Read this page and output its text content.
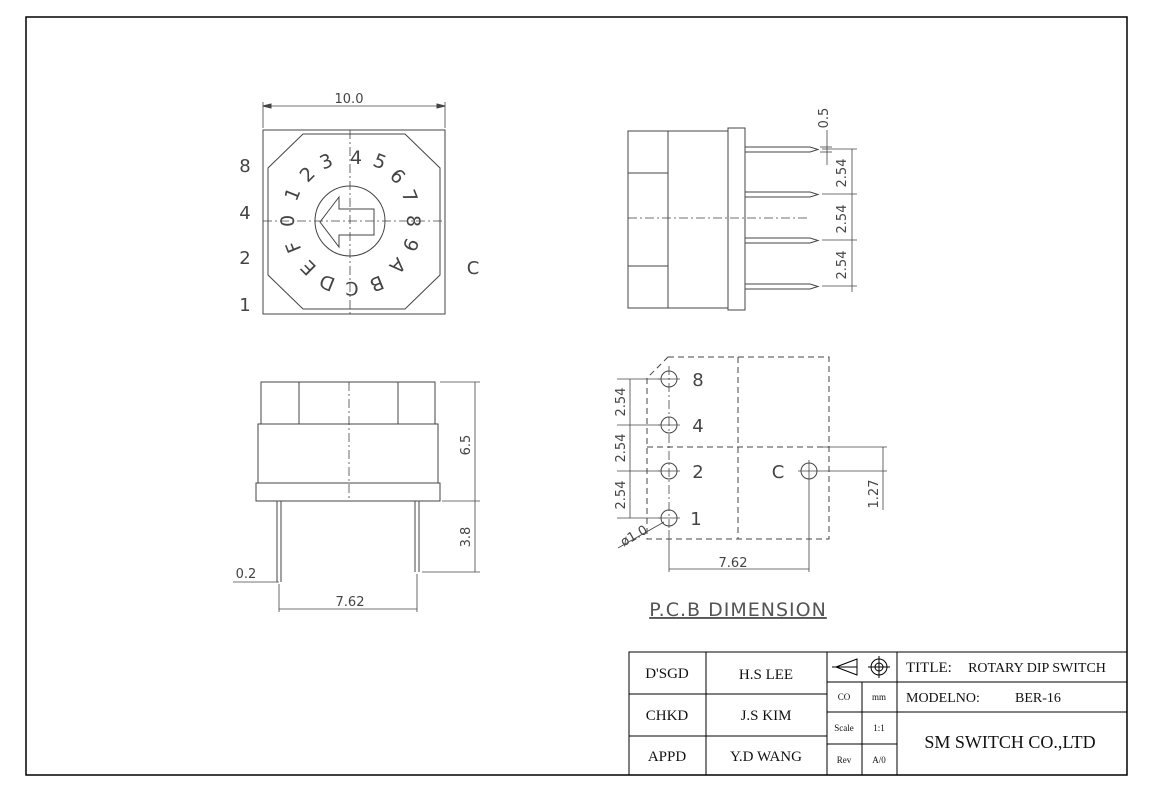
10.0
8
4
2
1
C
0
1
2
3 4 5
6
7
8
9
A
B
C
D
E
F
0.5
2.54
2.54
2.54
6.5
3.8
0.2
7.62
8
4
2
1
C
2.54
2.54
2.54	1.27
ø1.0
7.62
P.C.B DIMENSION
D'SGD	H.S LEE
CHKD	J.S KIM
APPD	Y.D WANG
CO mm
Scale 1:1
Rev A/0
TITLE: ROTARY DIP SWITCH
MODELNO:	BER-16
SM SWITCH CO.,LTD
